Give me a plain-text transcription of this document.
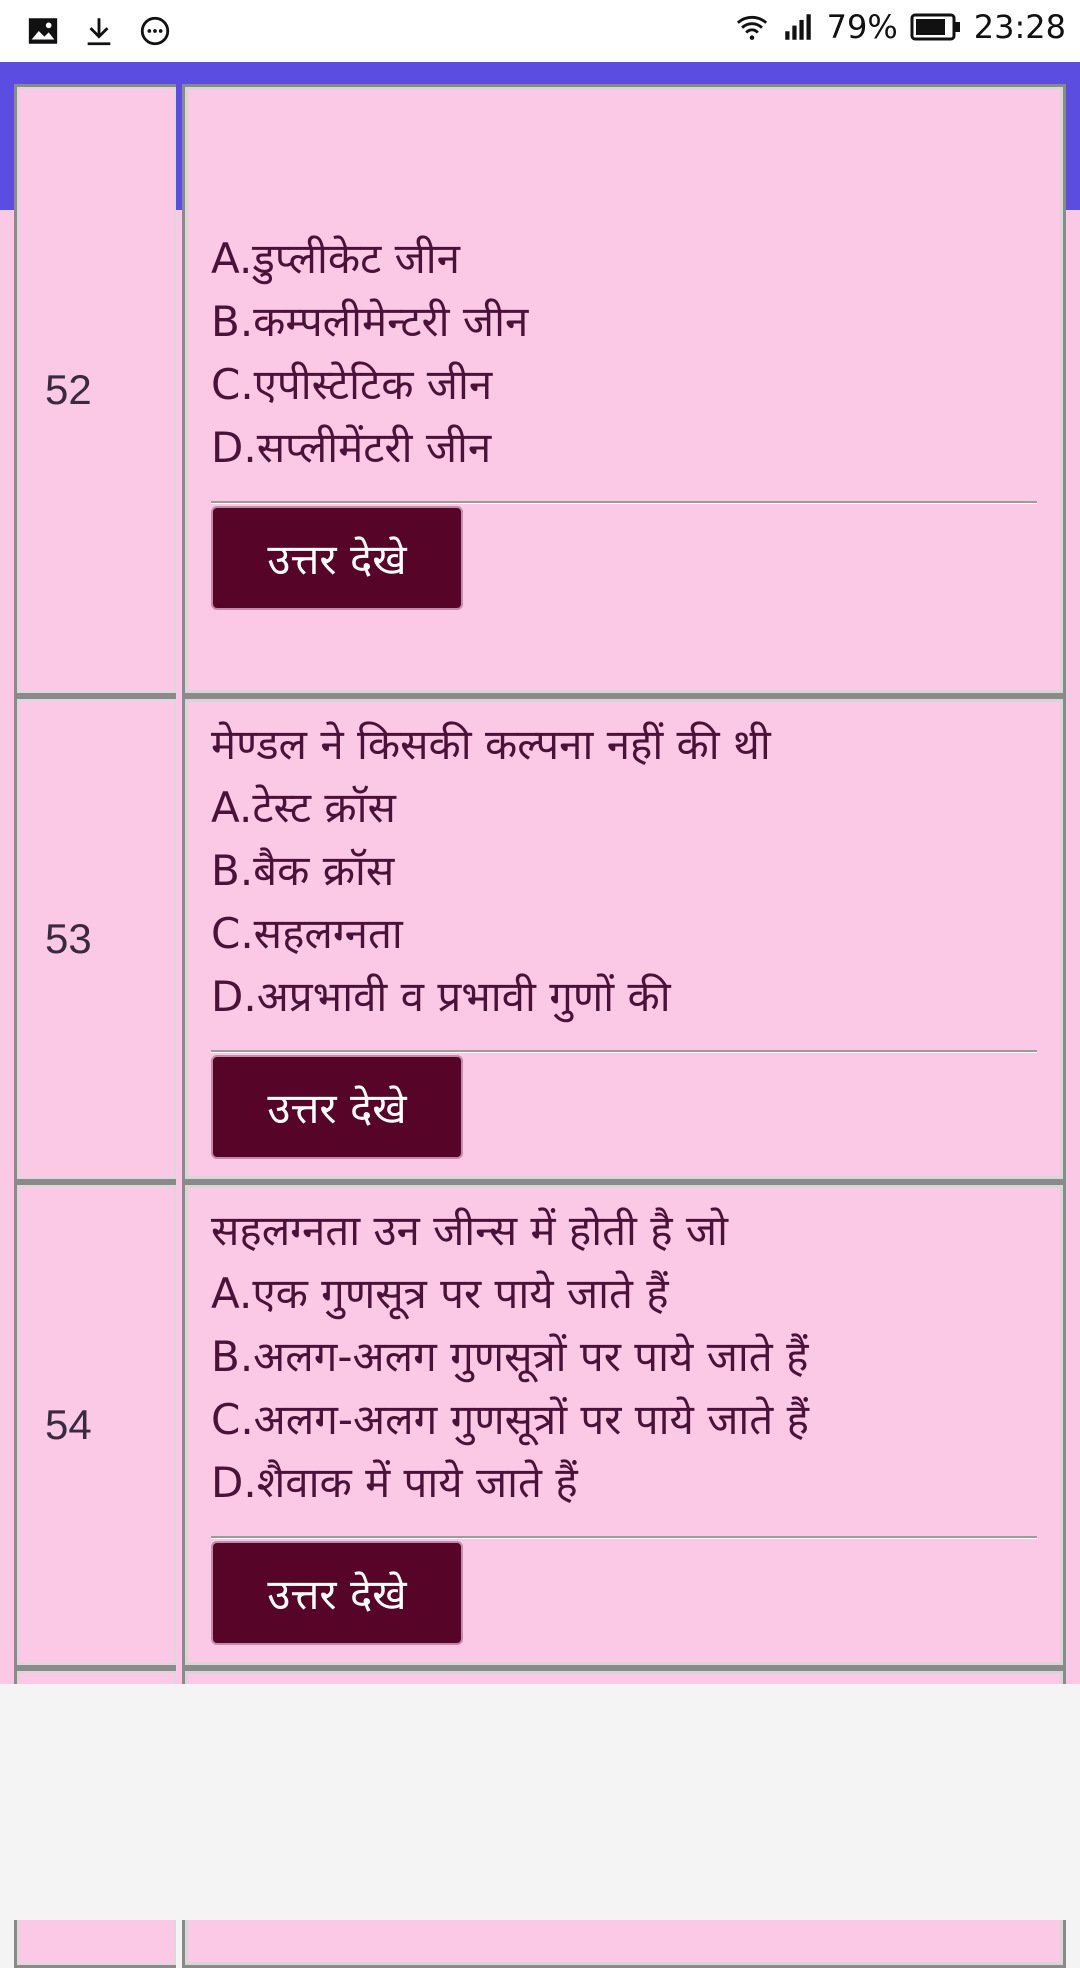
79% 23:28
52
A.डुप्लीकेट जीन
B.कम्पलीमेन्टरी जीन
C.एपीस्टेटिक जीन
D.सप्लीमेंटरी जीन
उत्तर देखे
53
मेण्डल ने किसकी कल्पना नहीं की थी
A.टेस्ट क्रॉस
B.बैक क्रॉस
C.सहलग्नता
D.अप्रभावी व प्रभावी गुणों की
उत्तर देखे
54
सहलग्नता उन जीन्स में होती है जो
A.एक गुणसूत्र पर पाये जाते हैं
B.अलग-अलग गुणसूत्रों पर पाये जाते हैं
C.अलग-अलग गुणसूत्रों पर पाये जाते हैं
D.शैवाक में पाये जाते हैं
उत्तर देखे
